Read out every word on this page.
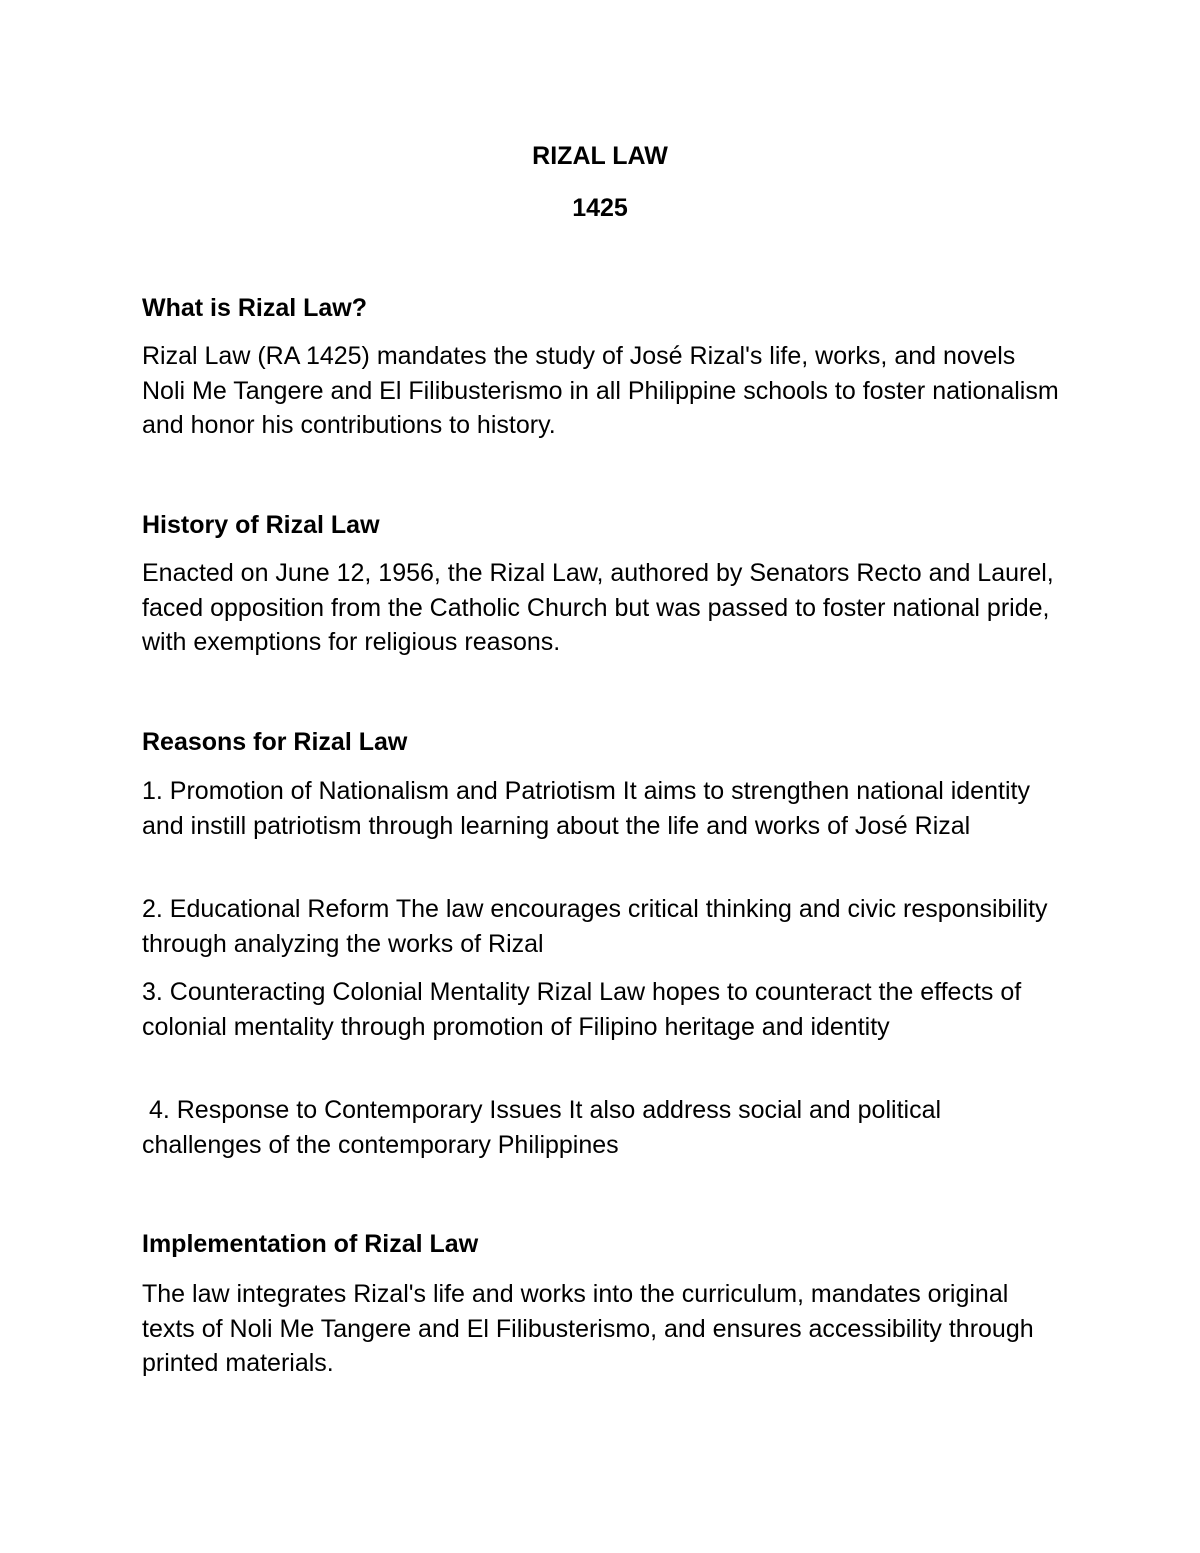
RIZAL LAW
1425
What is Rizal Law?

Rizal Law (RA 1425) mandates the study of José Rizal's life, works, and novels Noli Me Tangere and El Filibusterismo in all Philippine schools to foster nationalism and honor his contributions to history.

History of Rizal Law

Enacted on June 12, 1956, the Rizal Law, authored by Senators Recto and Laurel, faced opposition from the Catholic Church but was passed to foster national pride, with exemptions for religious reasons.

Reasons for Rizal Law

1. Promotion of Nationalism and Patriotism It aims to strengthen national identity and instill patriotism through learning about the life and works of José Rizal

2. Educational Reform The law encourages critical thinking and civic responsibility through analyzing the works of Rizal

3. Counteracting Colonial Mentality Rizal Law hopes to counteract the effects of colonial mentality through promotion of Filipino heritage and identity

4. Response to Contemporary Issues It also address social and political challenges of the contemporary Philippines

Implementation of Rizal Law

The law integrates Rizal's life and works into the curriculum, mandates original texts of Noli Me Tangere and El Filibusterismo, and ensures accessibility through printed materials.
